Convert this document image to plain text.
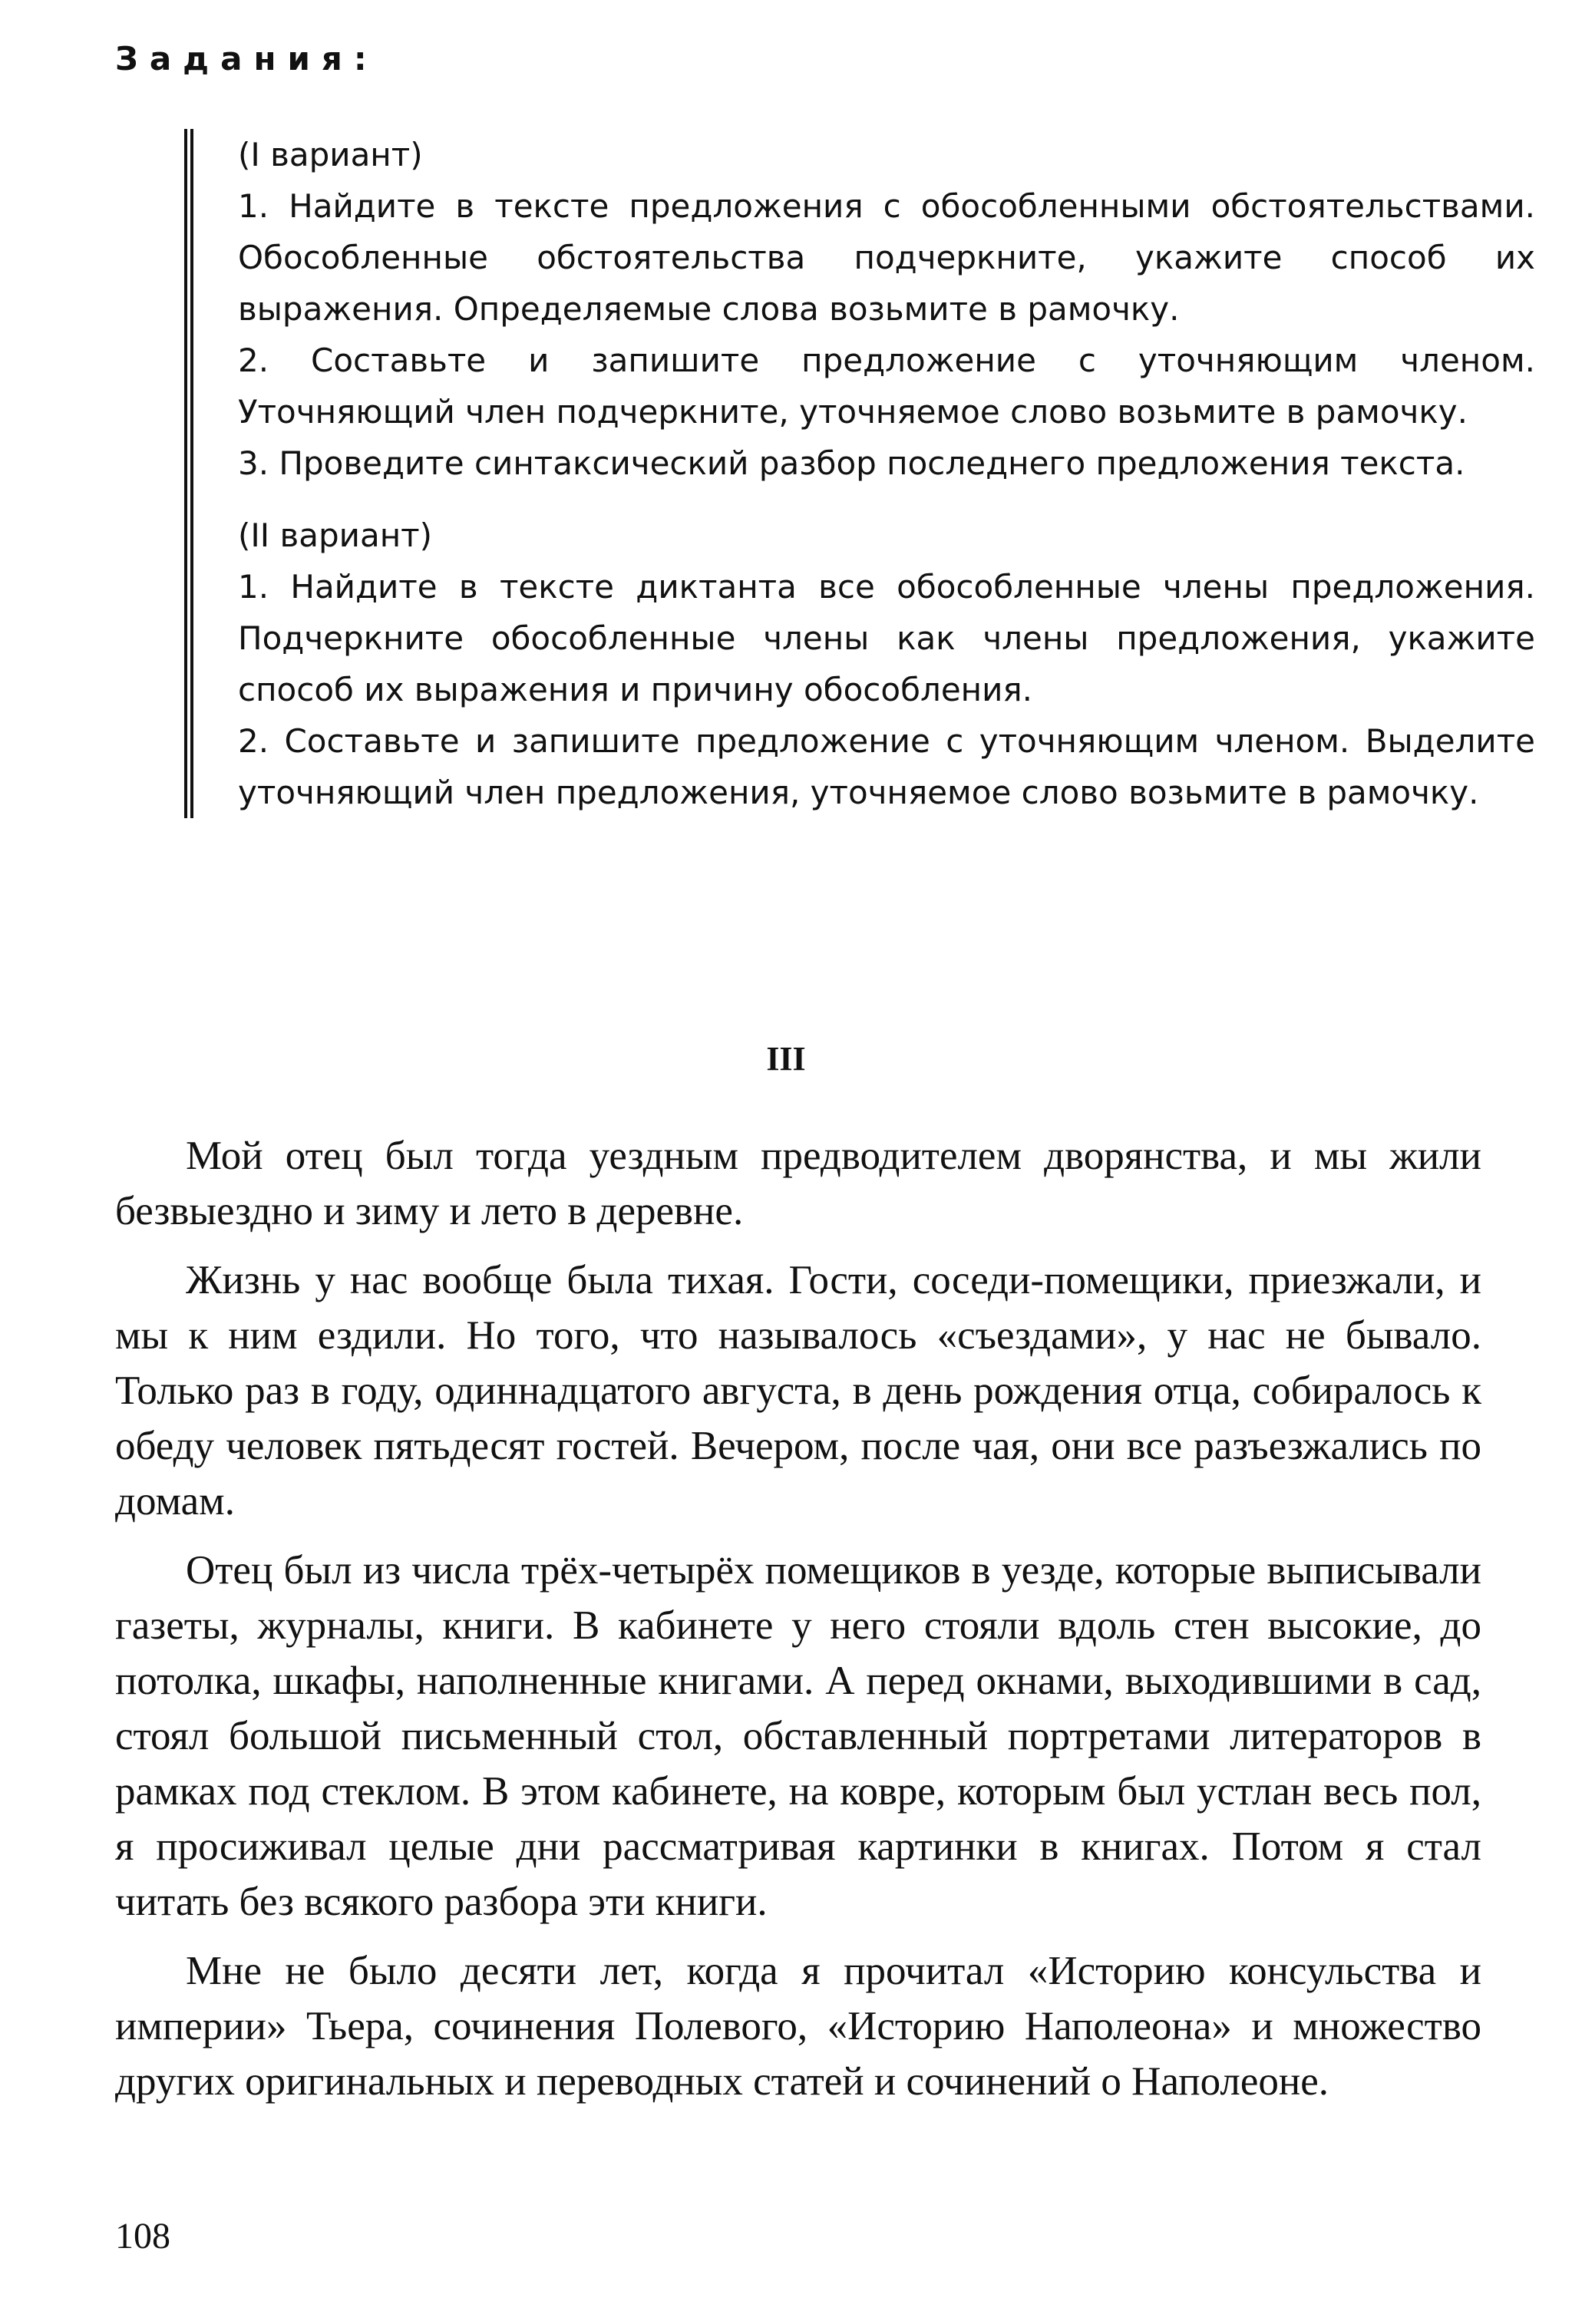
Задания:
(I вариант)
1. Найдите в тексте предложения с обособленными обстоятельствами. Обособленные обстоятельства подчеркните, укажите способ их выражения. Определяемые слова возьмите в рамочку.
2. Составьте и запишите предложение с уточняющим членом. Уточняющий член подчеркните, уточняемое слово возьмите в рамочку.
3. Проведите синтаксический разбор последнего предложения текста.
(II вариант)
1. Найдите в тексте диктанта все обособленные члены предложения. Подчеркните обособленные члены как члены предложения, укажите способ их выражения и причину обособления.
2. Составьте и запишите предложение с уточняющим членом. Выделите уточняющий член предложения, уточняемое слово возьмите в рамочку.
III

Мой отец был тогда уездным предводителем дворянства, и мы жили безвыездно и зиму и лето в деревне.

Жизнь у нас вообще была тихая. Гости, соседи-помещики, приезжали, и мы к ним ездили. Но того, что называлось «съездами», у нас не бывало. Только раз в году, одиннадцатого августа, в день рождения отца, собиралось к обеду человек пятьдесят гостей. Вечером, после чая, они все разъезжались по домам.

Отец был из числа трёх-четырёх помещиков в уезде, которые выписывали газеты, журналы, книги. В кабинете у него стояли вдоль стен высокие, до потолка, шкафы, наполненные книгами. А перед окнами, выходившими в сад, стоял большой письменный стол, обставленный портретами литераторов в рамках под стеклом. В этом кабинете, на ковре, которым был устлан весь пол, я просиживал целые дни рассматривая картинки в книгах. Потом я стал читать без всякого разбора эти книги.

Мне не было десяти лет, когда я прочитал «Историю консульства и империи» Тьера, сочинения Полевого, «Историю Наполеона» и множество других оригинальных и переводных статей и сочинений о Наполеоне.

108
